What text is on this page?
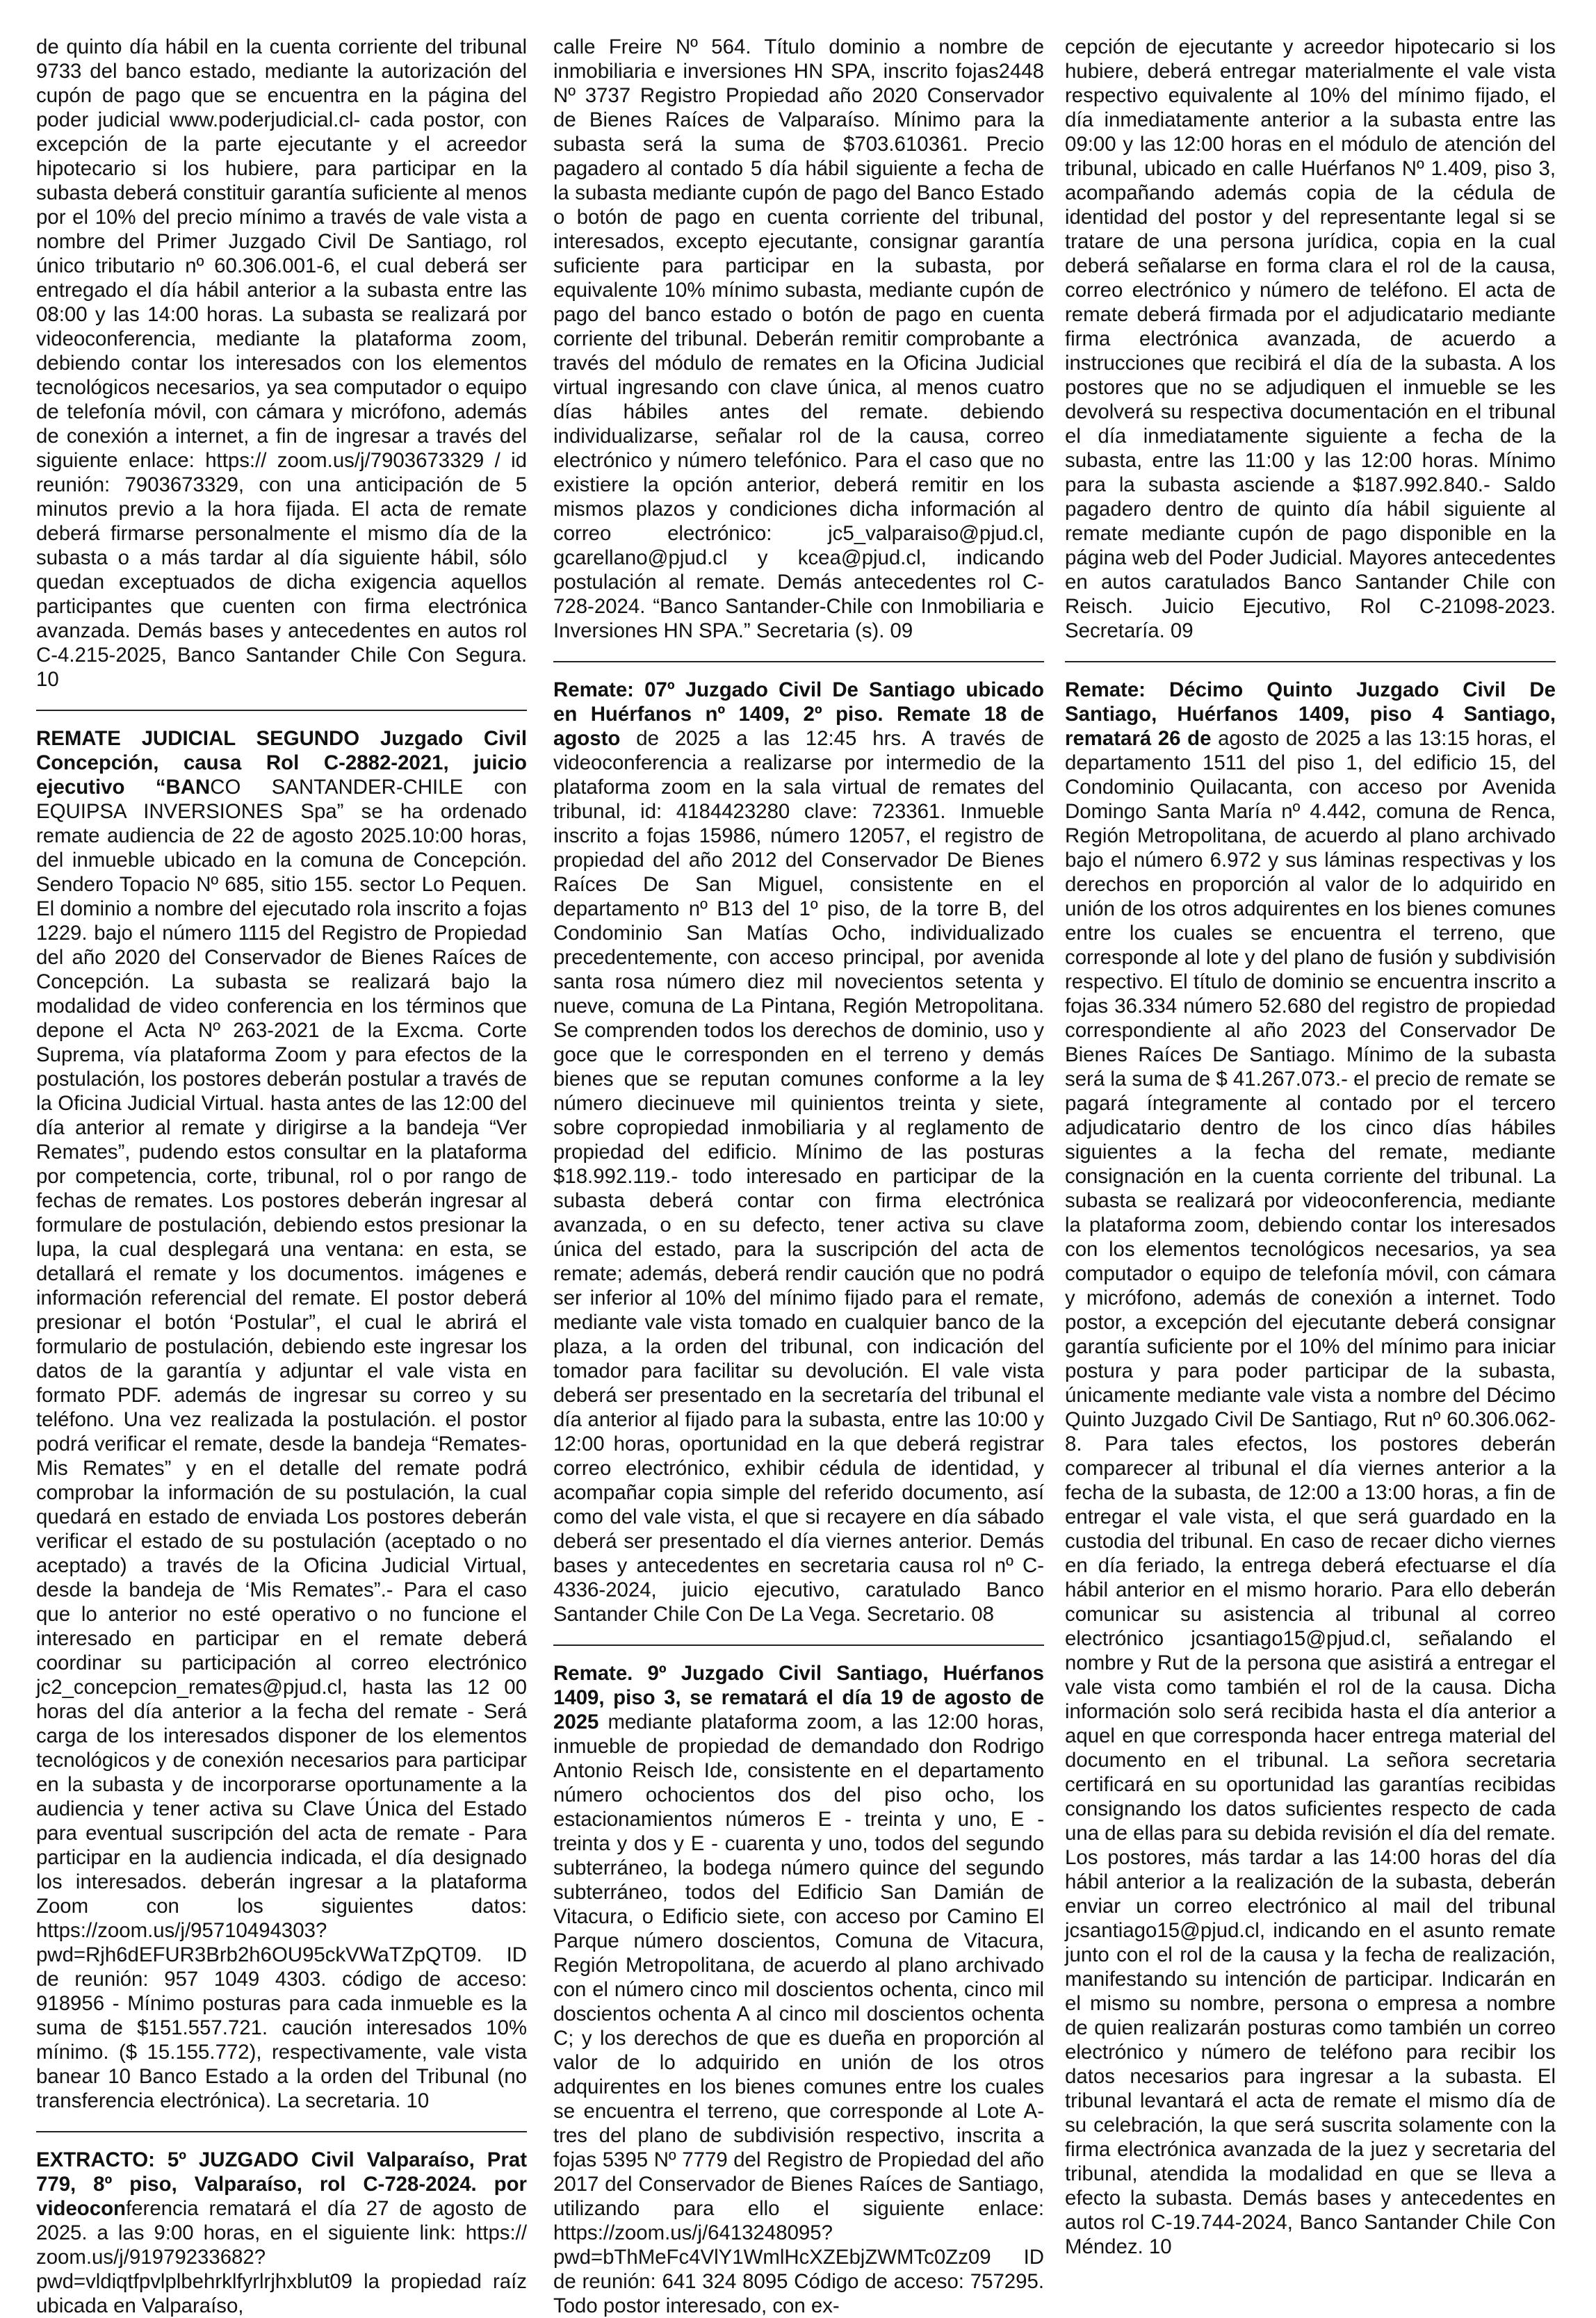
de quinto día hábil en la cuenta corriente del tribunal 9733 del banco estado, mediante la autorización del cupón de pago que se encuentra en la página del poder judicial www.poderjudicial.cl- cada postor, con excepción de la parte ejecutante y el acreedor hipotecario si los hubiere, para participar en la subasta deberá constituir garantía suficiente al menos por el 10% del precio mínimo a través de vale vista a nombre del Primer Juzgado Civil De Santiago, rol único tributario nº 60.306.001-6, el cual deberá ser entregado el día hábil anterior a la subasta entre las 08:00 y las 14:00 horas. La subasta se realizará por videoconferencia, mediante la plataforma zoom, debiendo contar los interesados con los elementos tecnológicos necesarios, ya sea computador o equipo de telefonía móvil, con cámara y micrófono, además de conexión a internet, a fin de ingresar a través del siguiente enlace: https:// zoom.us/j/7903673329 / id reunión: 7903673329, con una anticipación de 5 minutos previo a la hora fijada. El acta de remate deberá firmarse personalmente el mismo día de la subasta o a más tardar al día siguiente hábil, sólo quedan exceptuados de dicha exigencia aquellos participantes que cuenten con firma electrónica avanzada. Demás bases y antecedentes en autos rol C-4.215-2025, Banco Santander Chile Con Segura. 10

REMATE JUDICIAL SEGUNDO Juzgado Civil Concepción, causa Rol C-2882-2021, juicio ejecutivo “BANCO SANTANDER-CHILE con EQUIPSA INVERSIONES Spa” se ha ordenado remate audiencia de 22 de agosto 2025.10:00 horas, del inmueble ubicado en la comuna de Concepción. Sendero Topacio Nº 685, sitio 155. sector Lo Pequen. El dominio a nombre del ejecutado rola inscrito a fojas 1229. bajo el número 1115 del Registro de Propiedad del año 2020 del Conservador de Bienes Raíces de Concepción. La subasta se realizará bajo la modalidad de video conferencia en los términos que depone el Acta Nº 263-2021 de la Excma. Corte Suprema, vía plataforma Zoom y para efectos de la postulación, los postores deberán postular a través de la Oficina Judicial Virtual. hasta antes de las 12:00 del día anterior al remate y dirigirse a la bandeja “Ver Remates”, pudendo estos consultar en la plataforma por competencia, corte, tribunal, rol o por rango de fechas de remates. Los postores deberán ingresar al formulare de postulación, debiendo estos presionar la lupa, la cual desplegará una ventana: en esta, se detallará el remate y los documentos. imágenes e información referencial del remate. El postor deberá presionar el botón ‘Postular”, el cual le abrirá el formulario de postulación, debiendo este ingresar los datos de la garantía y adjuntar el vale vista en formato PDF. además de ingresar su correo y su teléfono. Una vez realizada la postulación. el postor podrá verificar el remate, desde la bandeja “Remates- Mis Remates” y en el detalle del remate podrá comprobar la información de su postulación, la cual quedará en estado de enviada Los postores deberán verificar el estado de su postulación (aceptado o no aceptado) a través de la Oficina Judicial Virtual, desde la bandeja de ‘Mis Remates”.- Para el caso que lo anterior no esté operativo o no funcione el interesado en participar en el remate deberá coordinar su participación al correo electrónico jc2_concepcion_remates@pjud.cl, hasta las 12 00 horas del día anterior a la fecha del remate - Será carga de los interesados disponer de los elementos tecnológicos y de conexión necesarios para participar en la subasta y de incorporarse oportunamente a la audiencia y tener activa su Clave Única del Estado para eventual suscripción del acta de remate - Para participar en la audiencia indicada, el día designado los interesados. deberán ingresar a la plataforma Zoom con los siguientes datos: https://zoom.us/j/95710494303?pwd=Rjh6dEFUR3Brb2h6OU95ckVWaTZpQT09. ID de reunión: 957 1049 4303. código de acceso: 918956 - Mínimo posturas para cada inmueble es la suma de $151.557.721. caución interesados 10% mínimo. ($ 15.155.772), respectivamente, vale vista banear 10 Banco Estado a la orden del Tribunal (no transferencia electrónica). La secretaria. 10

EXTRACTO: 5º JUZGADO Civil Valparaíso, Prat 779, 8º piso, Valparaíso, rol C-728-2024. por videoconferencia rematará el día 27 de agosto de 2025. a las 9:00 horas, en el siguiente link: https:// zoom.us/j/91979233682?pwd=vldiqtfpvlplbehrklfyrlrjhxblut09 la propiedad raíz ubicada en Valparaíso,

calle Freire Nº 564. Título dominio a nombre de inmobiliaria e inversiones HN SPA, inscrito fojas2448 Nº 3737 Registro Propiedad año 2020 Conservador de Bienes Raíces de Valparaíso. Mínimo para la subasta será la suma de $703.610361. Precio pagadero al contado 5 día hábil siguiente a fecha de la subasta mediante cupón de pago del Banco Estado o botón de pago en cuenta corriente del tribunal, interesados, excepto ejecutante, consignar garantía suficiente para participar en la subasta, por equivalente 10% mínimo subasta, mediante cupón de pago del banco estado o botón de pago en cuenta corriente del tribunal. Deberán remitir comprobante a través del módulo de remates en la Oficina Judicial virtual ingresando con clave única, al menos cuatro días hábiles antes del remate. debiendo individualizarse, señalar rol de la causa, correo electrónico y número telefónico. Para el caso que no existiere la opción anterior, deberá remitir en los mismos plazos y condiciones dicha información al correo electrónico: jc5_valparaiso@pjud.cl, gcarellano@pjud.cl y kcea@pjud.cl, indicando postulación al remate. Demás antecedentes rol C-728-2024. “Banco Santander-Chile con Inmobiliaria e Inversiones HN SPA.” Secretaria (s). 09

Remate: 07º Juzgado Civil De Santiago ubicado en Huérfanos nº 1409, 2º piso. Remate 18 de agosto de 2025 a las 12:45 hrs. A través de videoconferencia a realizarse por intermedio de la plataforma zoom en la sala virtual de remates del tribunal, id: 4184423280 clave: 723361. Inmueble inscrito a fojas 15986, número 12057, el registro de propiedad del año 2012 del Conservador De Bienes Raíces De San Miguel, consistente en el departamento nº B13 del 1º piso, de la torre B, del Condominio San Matías Ocho, individualizado precedentemente, con acceso principal, por avenida santa rosa número diez mil novecientos setenta y nueve, comuna de La Pintana, Región Metropolitana. Se comprenden todos los derechos de dominio, uso y goce que le corresponden en el terreno y demás bienes que se reputan comunes conforme a la ley número diecinueve mil quinientos treinta y siete, sobre copropiedad inmobiliaria y al reglamento de propiedad del edificio. Mínimo de las posturas $18.992.119.- todo interesado en participar de la subasta deberá contar con firma electrónica avanzada, o en su defecto, tener activa su clave única del estado, para la suscripción del acta de remate; además, deberá rendir caución que no podrá ser inferior al 10% del mínimo fijado para el remate, mediante vale vista tomado en cualquier banco de la plaza, a la orden del tribunal, con indicación del tomador para facilitar su devolución. El vale vista deberá ser presentado en la secretaría del tribunal el día anterior al fijado para la subasta, entre las 10:00 y 12:00 horas, oportunidad en la que deberá registrar correo electrónico, exhibir cédula de identidad, y acompañar copia simple del referido documento, así como del vale vista, el que si recayere en día sábado deberá ser presentado el día viernes anterior. Demás bases y antecedentes en secretaria causa rol nº C-4336-2024, juicio ejecutivo, caratulado Banco Santander Chile Con De La Vega. Secretario. 08

Remate. 9º Juzgado Civil Santiago, Huérfanos 1409, piso 3, se rematará el día 19 de agosto de 2025 mediante plataforma zoom, a las 12:00 horas, inmueble de propiedad de demandado don Rodrigo Antonio Reisch Ide, consistente en el departamento número ochocientos dos del piso ocho, los estacionamientos números E - treinta y uno, E - treinta y dos y E - cuarenta y uno, todos del segundo subterráneo, la bodega número quince del segundo subterráneo, todos del Edificio San Damián de Vitacura, o Edificio siete, con acceso por Camino El Parque número doscientos, Comuna de Vitacura, Región Metropolitana, de acuerdo al plano archivado con el número cinco mil doscientos ochenta, cinco mil doscientos ochenta A al cinco mil doscientos ochenta C; y los derechos de que es dueña en proporción al valor de lo adquirido en unión de los otros adquirentes en los bienes comunes entre los cuales se encuentra el terreno, que corresponde al Lote A-tres del plano de subdivisión respectivo, inscrita a fojas 5395 Nº 7779 del Registro de Propiedad del año 2017 del Conservador de Bienes Raíces de Santiago, utilizando para ello el siguiente enlace: https://zoom.us/j/6413248095?pwd=bThMeFc4VlY1WmlHcXZEbjZWMTc0Zz09 ID de reunión: 641 324 8095 Código de acceso: 757295. Todo postor interesado, con ex-

cepción de ejecutante y acreedor hipotecario si los hubiere, deberá entregar materialmente el vale vista respectivo equivalente al 10% del mínimo fijado, el día inmediatamente anterior a la subasta entre las 09:00 y las 12:00 horas en el módulo de atención del tribunal, ubicado en calle Huérfanos Nº 1.409, piso 3, acompañando además copia de la cédula de identidad del postor y del representante legal si se tratare de una persona jurídica, copia en la cual deberá señalarse en forma clara el rol de la causa, correo electrónico y número de teléfono. El acta de remate deberá firmada por el adjudicatario mediante firma electrónica avanzada, de acuerdo a instrucciones que recibirá el día de la subasta. A los postores que no se adjudiquen el inmueble se les devolverá su respectiva documentación en el tribunal el día inmediatamente siguiente a fecha de la subasta, entre las 11:00 y las 12:00 horas. Mínimo para la subasta asciende a $187.992.840.- Saldo pagadero dentro de quinto día hábil siguiente al remate mediante cupón de pago disponible en la página web del Poder Judicial. Mayores antecedentes en autos caratulados Banco Santander Chile con Reisch. Juicio Ejecutivo, Rol C-21098-2023. Secretaría. 09

Remate: Décimo Quinto Juzgado Civil De Santiago, Huérfanos 1409, piso 4 Santiago, rematará 26 de agosto de 2025 a las 13:15 horas, el departamento 1511 del piso 1, del edificio 15, del Condominio Quilacanta, con acceso por Avenida Domingo Santa María nº 4.442, comuna de Renca, Región Metropolitana, de acuerdo al plano archivado bajo el número 6.972 y sus láminas respectivas y los derechos en proporción al valor de lo adquirido en unión de los otros adquirentes en los bienes comunes entre los cuales se encuentra el terreno, que corresponde al lote y del plano de fusión y subdivisión respectivo. El título de dominio se encuentra inscrito a fojas 36.334 número 52.680 del registro de propiedad correspondiente al año 2023 del Conservador De Bienes Raíces De Santiago. Mínimo de la subasta será la suma de $ 41.267.073.- el precio de remate se pagará íntegramente al contado por el tercero adjudicatario dentro de los cinco días hábiles siguientes a la fecha del remate, mediante consignación en la cuenta corriente del tribunal. La subasta se realizará por videoconferencia, mediante la plataforma zoom, debiendo contar los interesados con los elementos tecnológicos necesarios, ya sea computador o equipo de telefonía móvil, con cámara y micrófono, además de conexión a internet. Todo postor, a excepción del ejecutante deberá consignar garantía suficiente por el 10% del mínimo para iniciar postura y para poder participar de la subasta, únicamente mediante vale vista a nombre del Décimo Quinto Juzgado Civil De Santiago, Rut nº 60.306.062-8. Para tales efectos, los postores deberán comparecer al tribunal el día viernes anterior a la fecha de la subasta, de 12:00 a 13:00 horas, a fin de entregar el vale vista, el que será guardado en la custodia del tribunal. En caso de recaer dicho viernes en día feriado, la entrega deberá efectuarse el día hábil anterior en el mismo horario. Para ello deberán comunicar su asistencia al tribunal al correo electrónico jcsantiago15@pjud.cl, señalando el nombre y Rut de la persona que asistirá a entregar el vale vista como también el rol de la causa. Dicha información solo será recibida hasta el día anterior a aquel en que corresponda hacer entrega material del documento en el tribunal. La señora secretaria certificará en su oportunidad las garantías recibidas consignando los datos suficientes respecto de cada una de ellas para su debida revisión el día del remate. Los postores, más tardar a las 14:00 horas del día hábil anterior a la realización de la subasta, deberán enviar un correo electrónico al mail del tribunal jcsantiago15@pjud.cl, indicando en el asunto remate junto con el rol de la causa y la fecha de realización, manifestando su intención de participar. Indicarán en el mismo su nombre, persona o empresa a nombre de quien realizarán posturas como también un correo electrónico y número de teléfono para recibir los datos necesarios para ingresar a la subasta. El tribunal levantará el acta de remate el mismo día de su celebración, la que será suscrita solamente con la firma electrónica avanzada de la juez y secretaria del tribunal, atendida la modalidad en que se lleva a efecto la subasta. Demás bases y antecedentes en autos rol C-19.744-2024, Banco Santander Chile Con Méndez. 10
